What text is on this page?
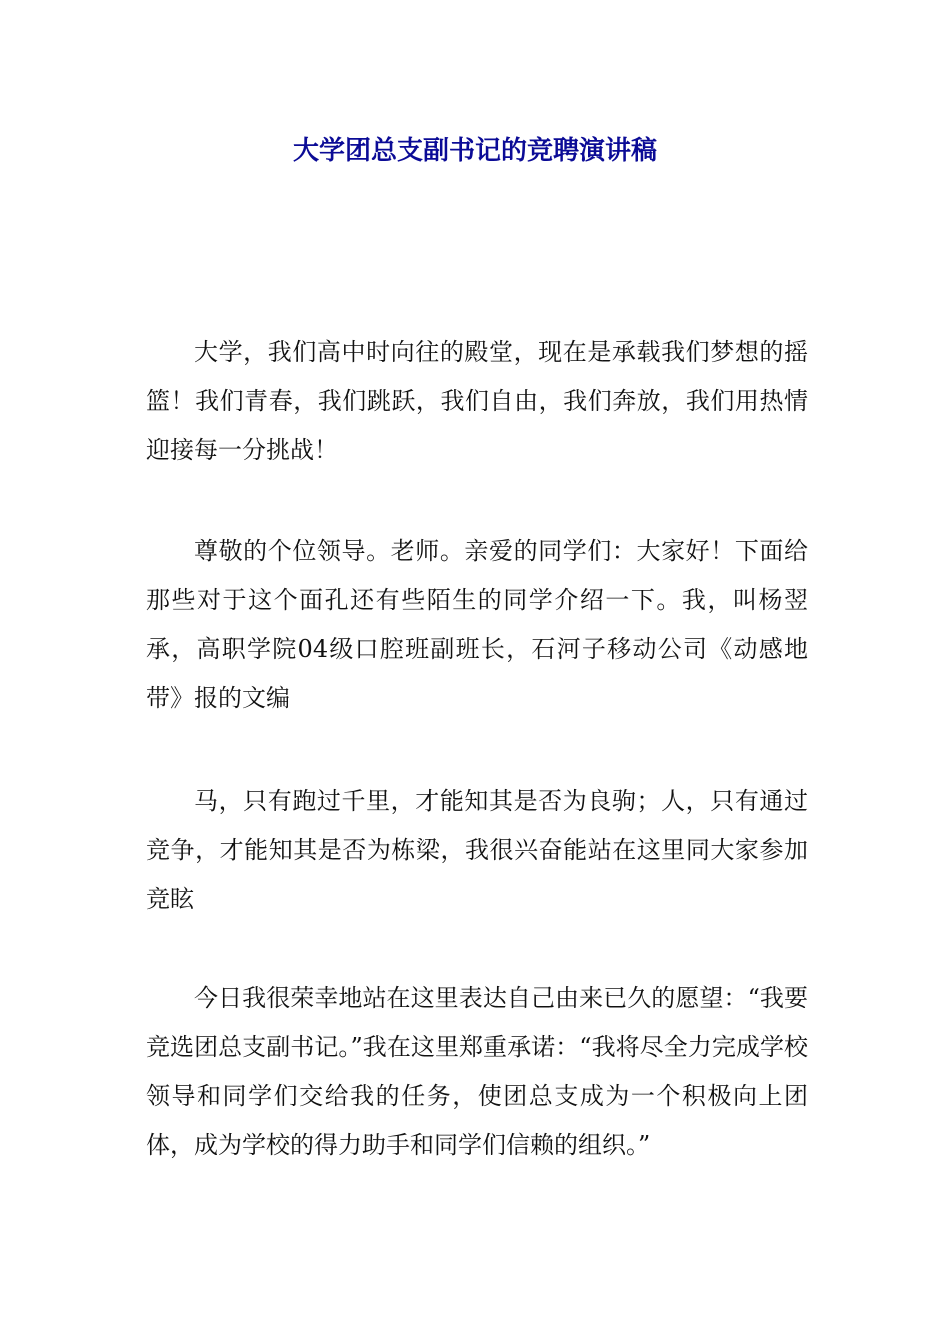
大学团总支副书记的竞聘演讲稿

大学，我们高中时向往的殿堂，现在是承载我们梦想的摇篮！我们青春，我们跳跃，我们自由，我们奔放，我们用热情迎接每一分挑战！

尊敬的个位领导。老师。亲爱的同学们：大家好！下面给那些对于这个面孔还有些陌生的同学介绍一下。我，叫杨翌承，高职学院04级口腔班副班长，石河子移动公司《动感地带》报的文编

马，只有跑过千里，才能知其是否为良驹；人，只有通过竞争，才能知其是否为栋梁，我很兴奋能站在这里同大家参加竞眩

今日我很荣幸地站在这里表达自己由来已久的愿望：“我要竞选团总支副书记。”我在这里郑重承诺：“我将尽全力完成学校领导和同学们交给我的任务，使团总支成为一个积极向上团体，成为学校的得力助手和同学们信赖的组织。”
